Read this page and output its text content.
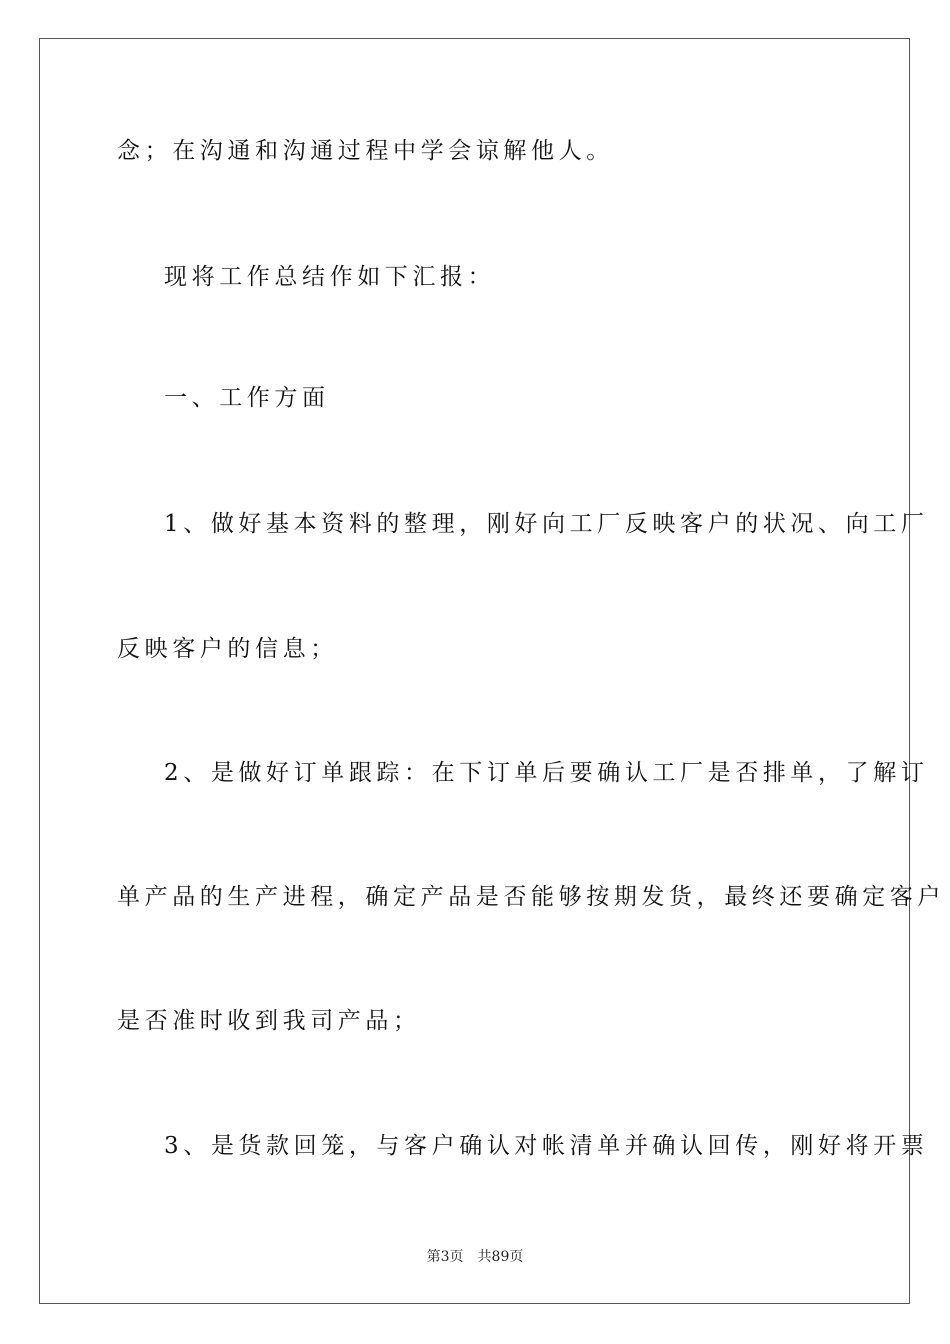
念；在沟通和沟通过程中学会谅解他人。
现将工作总结作如下汇报：
一、工作方面
1、做好基本资料的整理，刚好向工厂反映客户的状况、向工厂
反映客户的信息；
2、是做好订单跟踪：在下订单后要确认工厂是否排单，了解订
单产品的生产进程，确定产品是否能够按期发货，最终还要确定客户
是否准时收到我司产品；
3、是货款回笼，与客户确认对帐清单并确认回传，刚好将开票
第3页 共89页
